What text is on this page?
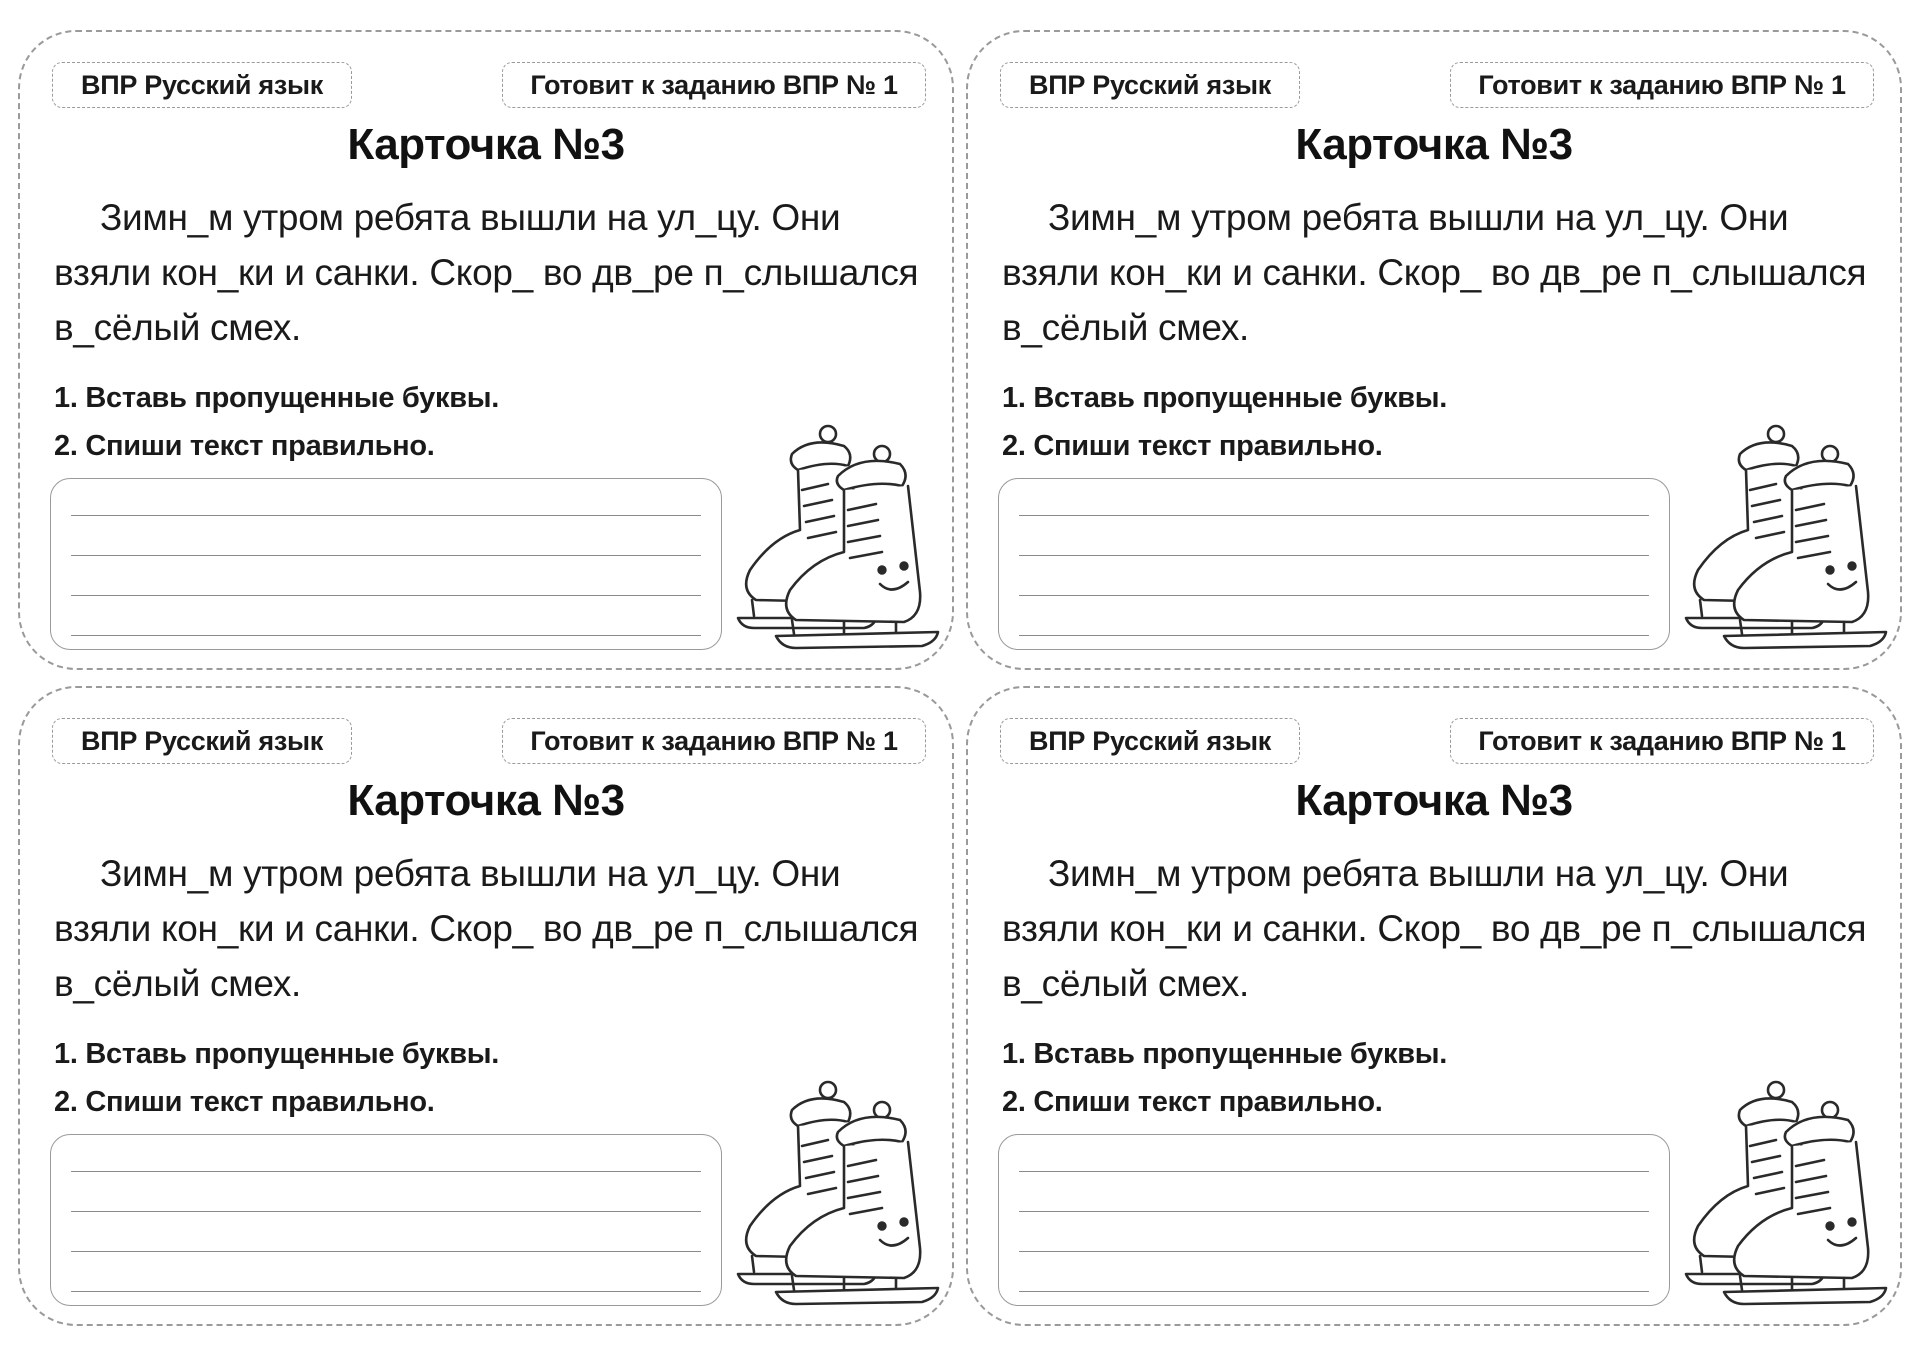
ВПР Русский язык	Готовит к заданию ВПР № 1
Карточка №3
Зимн_м утром ребята вышли на ул_цу. Они
взяли кон_ки и санки. Скор_ во дв_ре п_слышался
в_сёлый смех.
1. Вставь пропущенные буквы.
2. Спиши текст правильно.
ВПР Русский язык	Готовит к заданию ВПР № 1
Карточка №3
Зимн_м утром ребята вышли на ул_цу. Они
взяли кон_ки и санки. Скор_ во дв_ре п_слышался
в_сёлый смех.
1. Вставь пропущенные буквы.
2. Спиши текст правильно.
ВПР Русский язык	Готовит к заданию ВПР № 1
Карточка №3
Зимн_м утром ребята вышли на ул_цу. Они
взяли кон_ки и санки. Скор_ во дв_ре п_слышался
в_сёлый смех.
1. Вставь пропущенные буквы.
2. Спиши текст правильно.
ВПР Русский язык	Готовит к заданию ВПР № 1
Карточка №3
Зимн_м утром ребята вышли на ул_цу. Они
взяли кон_ки и санки. Скор_ во дв_ре п_слышался
в_сёлый смех.
1. Вставь пропущенные буквы.
2. Спиши текст правильно.
